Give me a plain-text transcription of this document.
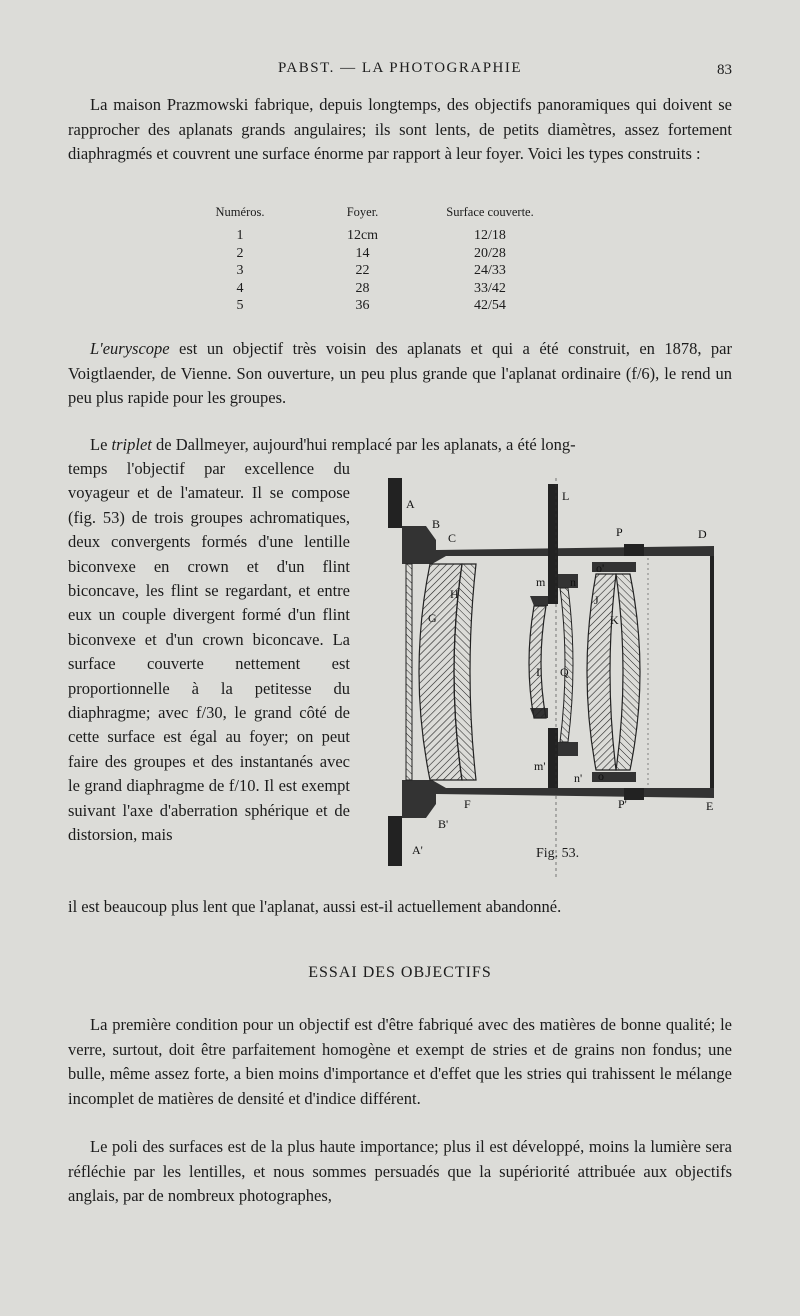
PABST. — LA PHOTOGRAPHIE	83

La maison Prazmowski fabrique, depuis longtemps, des objectifs panoramiques qui doivent se rapprocher des aplanats grands angulaires; ils sont lents, de petits diamètres, assez fortement diaphragmés et couvrent une surface énorme par rapport à leur foyer. Voici les types construits :

Numéros.	Foyer.	Surface couverte.
1	12cm	12/18
2	14	20/28
3	22	24/33
4	28	33/42
5	36	42/54

L'euryscope est un objectif très voisin des aplanats et qui a été construit, en 1878, par Voigtlaender, de Vienne. Son ouverture, un peu plus grande que l'aplanat ordinaire (f/6), le rend un peu plus rapide pour les groupes.

Le triplet de Dallmeyer, aujourd'hui remplacé par les aplanats, a été long-

temps l'objectif par excellence du voyageur et de l'amateur. Il se compose (fig. 53) de trois groupes achromatiques, deux convergents formés d'une lentille biconvexe en crown et d'un flint biconcave, les flint se regardant, et entre eux un couple divergent formé d'un flint biconvexe et d'un crown biconcave. La surface couverte nettement est proportionnelle à la petitesse du diaphragme; avec f/30, le grand côté de cette surface est égal au foyer; on peut faire des groupes et des instantanés avec le grand diaphragme de f/10. Il est exempt suivant l'axe d'aberration sphérique et de distorsion, mais

il est beaucoup plus lent que l'aplanat, aussi est-il actuellement abandonné.

A
B
C
L
P	D
H
G
m n
o'
J
K
I Q
m'
n' o
F	P'	E
B'
A'	Fig. 53.
ESSAI DES OBJECTIFS

La première condition pour un objectif est d'être fabriqué avec des matières de bonne qualité; le verre, surtout, doit être parfaitement homogène et exempt de stries et de grains non fondus; une bulle, même assez forte, a bien moins d'importance et d'effet que les stries qui trahissent le mélange incomplet de matières de densité et d'indice différent.

Le poli des surfaces est de la plus haute importance; plus il est développé, moins la lumière sera réfléchie par les lentilles, et nous sommes persuadés que la supériorité attribuée aux objectifs anglais, par de nombreux photographes,
